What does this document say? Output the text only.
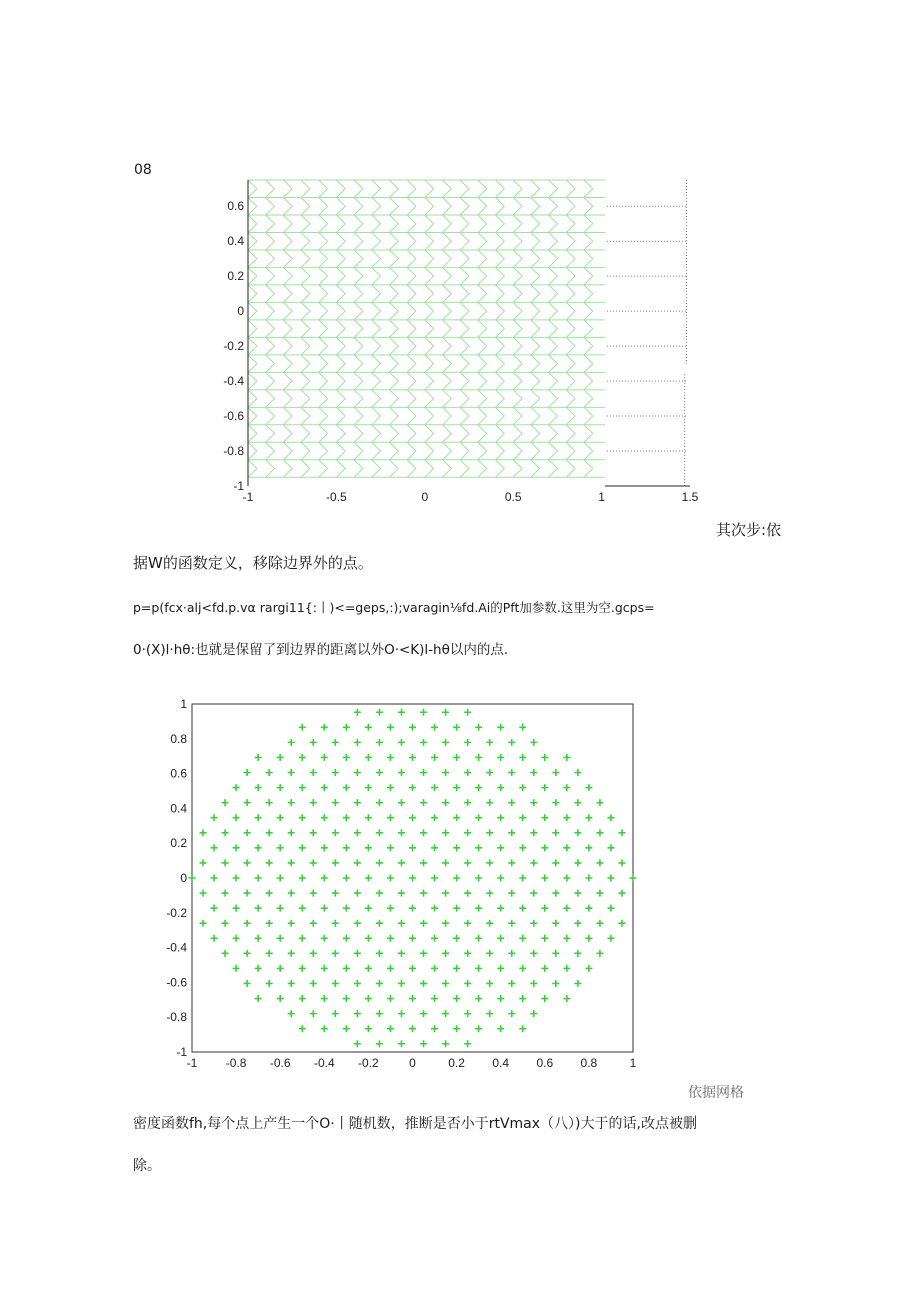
08
-1	-0.5	0	0.5	1	1.5
0.6
0.4
0.2
0
-0.2
-0.4
-0.6
-0.8
-1
其次步:依
据W的函数定义，移除边界外的点。
p=p(fcx·alj<fd.p.vα rargi11{:丨)<=geps,:);varagin⅛fd.Ai的Pft加参数.这里为空.gcps=
0·(X)l·hθ:也就是保留了到边界的距离以外O·<K)l-hθ以内的点.
-1 -0.8 -0.6 -0.4 -0.2	0	0.2 0.4 0.6 0.8	1
1
0.8
0.6
0.4
0.2
0
-0.2
-0.4
-0.6
-0.8
-1
依据网格
密度函数fh,每个点上产生一个O·丨随机数，推断是否小于rtVmax（八）)大于的话,改点被删
除。
